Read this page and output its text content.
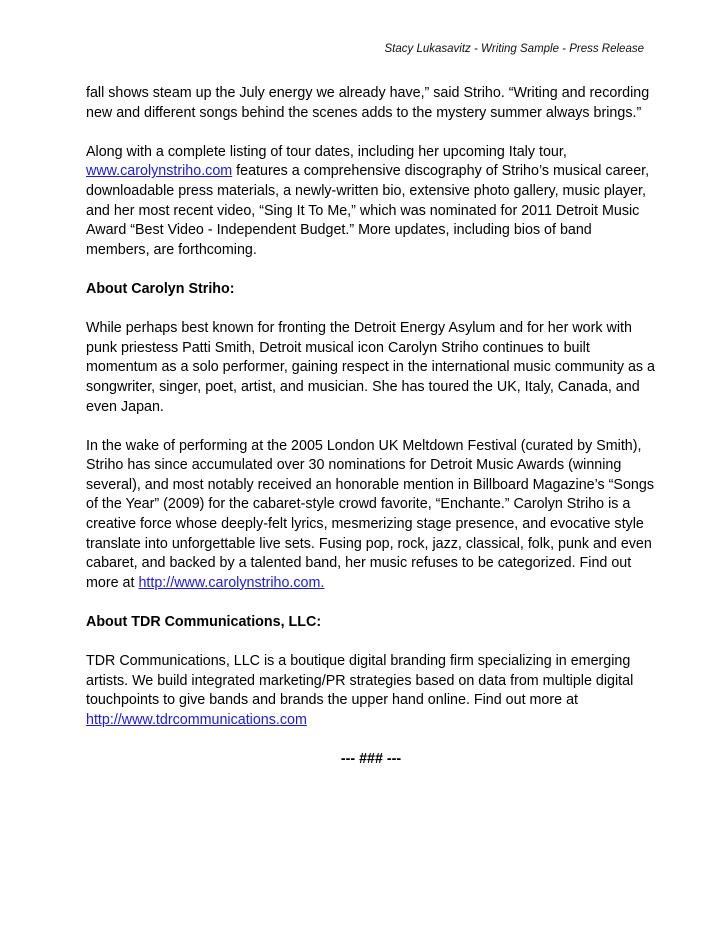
Stacy Lukasavitz - Writing Sample - Press Release

fall shows steam up the July energy we already have,” said Striho. “Writing and recording new and different songs behind the scenes adds to the mystery summer always brings.”

Along with a complete listing of tour dates, including her upcoming Italy tour, www.carolynstriho.com features a comprehensive discography of Striho’s musical career, downloadable press materials, a newly-written bio, extensive photo gallery, music player, and her most recent video, “Sing It To Me,” which was nominated for 2011 Detroit Music Award “Best Video - Independent Budget.” More updates, including bios of band members, are forthcoming.

About Carolyn Striho:

While perhaps best known for fronting the Detroit Energy Asylum and for her work with punk priestess Patti Smith, Detroit musical icon Carolyn Striho continues to built momentum as a solo performer, gaining respect in the international music community as a songwriter, singer, poet, artist, and musician. She has toured the UK, Italy, Canada, and even Japan.

In the wake of performing at the 2005 London UK Meltdown Festival (curated by Smith), Striho has since accumulated over 30 nominations for Detroit Music Awards (winning several), and most notably received an honorable mention in Billboard Magazine’s “Songs of the Year” (2009) for the cabaret-style crowd favorite, “Enchante.” Carolyn Striho is a creative force whose deeply-felt lyrics, mesmerizing stage presence, and evocative style translate into unforgettable live sets. Fusing pop, rock, jazz, classical, folk, punk and even cabaret, and backed by a talented band, her music refuses to be categorized. Find out more at http://www.carolynstriho.com.

About TDR Communications, LLC:

TDR Communications, LLC is a boutique digital branding firm specializing in emerging artists. We build integrated marketing/PR strategies based on data from multiple digital touchpoints to give bands and brands the upper hand online. Find out more at http://www.tdrcommunications.com

--- ### ---
